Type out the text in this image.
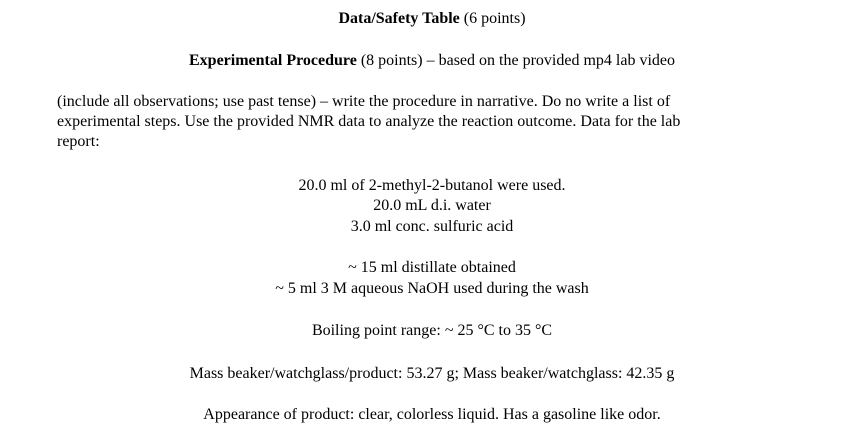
Data/Safety Table (6 points)
Experimental Procedure (8 points) – based on the provided mp4 lab video
(include all observations; use past tense) – write the procedure in narrative. Do no write a list of
experimental steps. Use the provided NMR data to analyze the reaction outcome. Data for the lab
report:
20.0 ml of 2-methyl-2-butanol were used.
20.0 mL d.i. water
3.0 ml conc. sulfuric acid
~ 15 ml distillate obtained
~ 5 ml 3 M aqueous NaOH used during the wash
Boiling point range: ~ 25 °C to 35 °C
Mass beaker/watchglass/product: 53.27 g; Mass beaker/watchglass: 42.35 g
Appearance of product: clear, colorless liquid. Has a gasoline like odor.
